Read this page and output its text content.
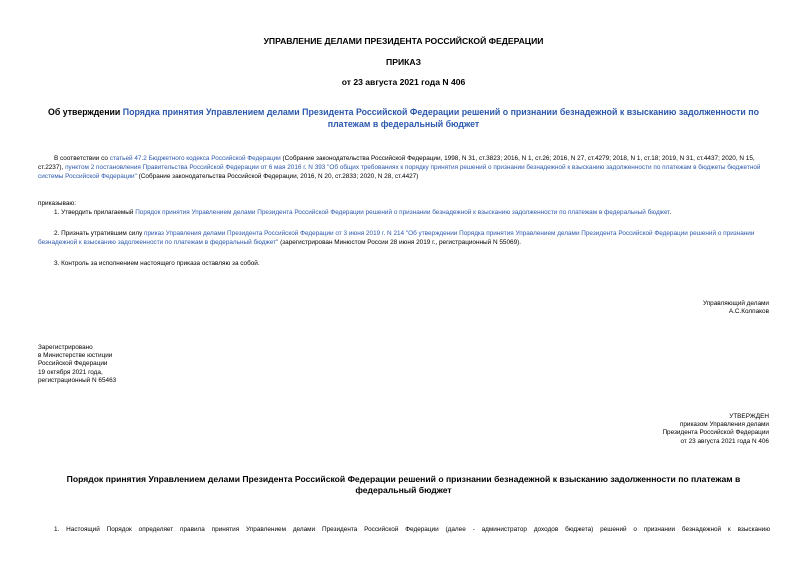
УПРАВЛЕНИЕ ДЕЛАМИ ПРЕЗИДЕНТА РОССИЙСКОЙ ФЕДЕРАЦИИ
ПРИКАЗ
от 23 августа 2021 года N 406
Об утверждении Порядка принятия Управлением делами Президента Российской Федерации решений о признании безнадежной к взысканию задолженности по платежам в федеральный бюджет
В соответствии со статьей 47.2 Бюджетного кодекса Российской Федерации (Собрание законодательства Российской Федерации, 1998, N 31, ст.3823; 2016, N 1, ст.26; 2016, N 27, ст.4279; 2018, N 1, ст.18; 2019, N 31, ст.4437; 2020, N 15, ст.2237), пунктом 2 постановления Правительства Российской Федерации от 6 мая 2016 г. N 393 "Об общих требованиях к порядку принятия решений о признании безнадежной к взысканию задолженности по платежам в бюджеты бюджетной системы Российской Федерации" (Собрание законодательства Российской Федерации, 2016, N 20, ст.2833; 2020, N 28, ст.4427)
приказываю:
1. Утвердить прилагаемый Порядок принятия Управлением делами Президента Российской Федерации решений о признании безнадежной к взысканию задолженности по платежам в федеральный бюджет.
2. Признать утратившим силу приказ Управления делами Президента Российской Федерации от 3 июня 2019 г. N 214 "Об утверждении Порядка принятия Управлением делами Президента Российской Федерации решений о признании безнадежной к взысканию задолженности по платежам в федеральный бюджет" (зарегистрирован Минюстом России 28 июня 2019 г., регистрационный N 55069).
3. Контроль за исполнением настоящего приказа оставляю за собой.
Управляющий делами
А.С.Колпаков
Зарегистрировано
в Министерстве юстиции
Российской Федерации
19 октября 2021 года,
регистрационный N 65463
УТВЕРЖДЕН
приказом Управления делами
Президента Российской Федерации
от 23 августа 2021 года N 406
Порядок принятия Управлением делами Президента Российской Федерации решений о признании безнадежной к взысканию задолженности по платежам в федеральный бюджет
1. Настоящий Порядок определяет правила принятия Управлением делами Президента Российской Федерации (далее - администратор доходов бюджета) решений о признании безнадежной к взысканию
